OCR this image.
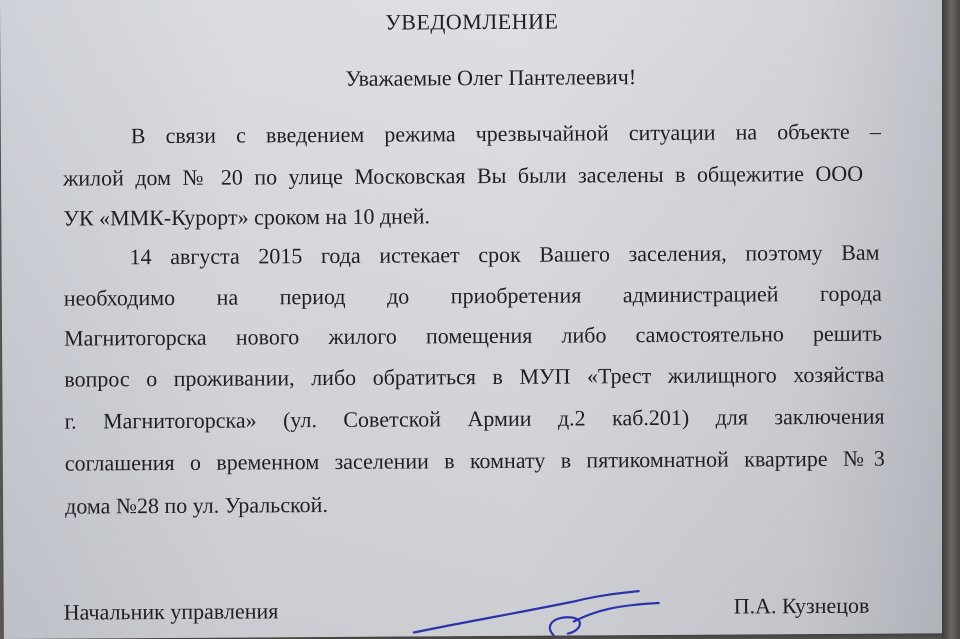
УВЕДОМЛЕНИЕ
Уважаемые Олег Пантелеевич!
В связи с введением режима чрезвычайной ситуации на объекте –
жилой дом № 20 по улице Московская Вы были заселены в общежитие ООО
УК «ММК-Курорт» сроком на 10 дней.
14 августа 2015 года истекает срок Вашего заселения, поэтому Вам
необходимо на период до приобретения администрацией города
Магнитогорска нового жилого помещения либо самостоятельно решить
вопрос о проживании, либо обратиться в МУП «Трест жилищного хозяйства
г. Магнитогорска» (ул. Советской Армии д.2 каб.201) для заключения
соглашения о временном заселении в комнату в пятикомнатной квартире №3
дома №28 по ул. Уральской.
Начальник управления	П.А. Кузнецов
